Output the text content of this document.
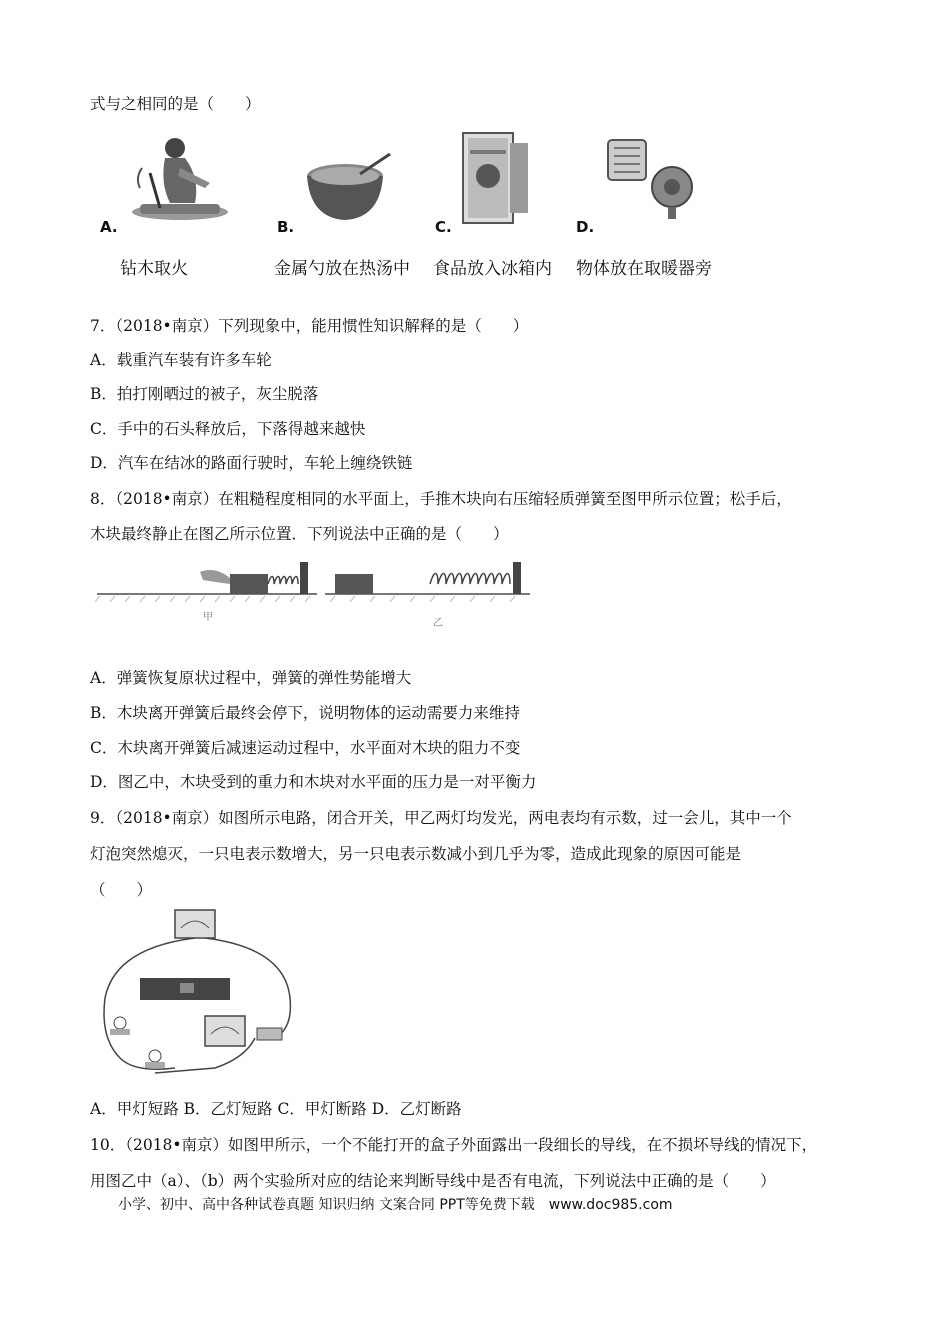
式与之相同的是（　　）
A.	B.	C.	D.
钻木取火	金属勺放在热汤中 食品放入冰箱内 物体放在取暖器旁
7．（2018•南京）下列现象中，能用惯性知识解释的是（　　）
A．载重汽车装有许多车轮
B．拍打刚晒过的被子，灰尘脱落
C．手中的石头释放后，下落得越来越快
D．汽车在结冰的路面行驶时，车轮上缠绕铁链
8．（2018•南京）在粗糙程度相同的水平面上，手推木块向右压缩轻质弹簧至图甲所示位置；松手后，
木块最终静止在图乙所示位置．下列说法中正确的是（　　）
甲
乙
A．弹簧恢复原状过程中，弹簧的弹性势能增大
B．木块离开弹簧后最终会停下，说明物体的运动需要力来维持
C．木块离开弹簧后减速运动过程中，水平面对木块的阻力不变
D．图乙中，木块受到的重力和木块对水平面的压力是一对平衡力
9．（2018•南京）如图所示电路，闭合开关，甲乙两灯均发光，两电表均有示数，过一会儿，其中一个
灯泡突然熄灭，一只电表示数增大，另一只电表示数减小到几乎为零，造成此现象的原因可能是
（　　）
A．甲灯短路 B．乙灯短路 C．甲灯断路 D．乙灯断路
10．（2018•南京）如图甲所示，一个不能打开的盒子外面露出一段细长的导线，在不损坏导线的情况下，
用图乙中（a）、（b）两个实验所对应的结论来判断导线中是否有电流，下列说法中正确的是（　　）
小学、初中、高中各种试卷真题 知识归纳 文案合同 PPT等免费下载　www.doc985.com
